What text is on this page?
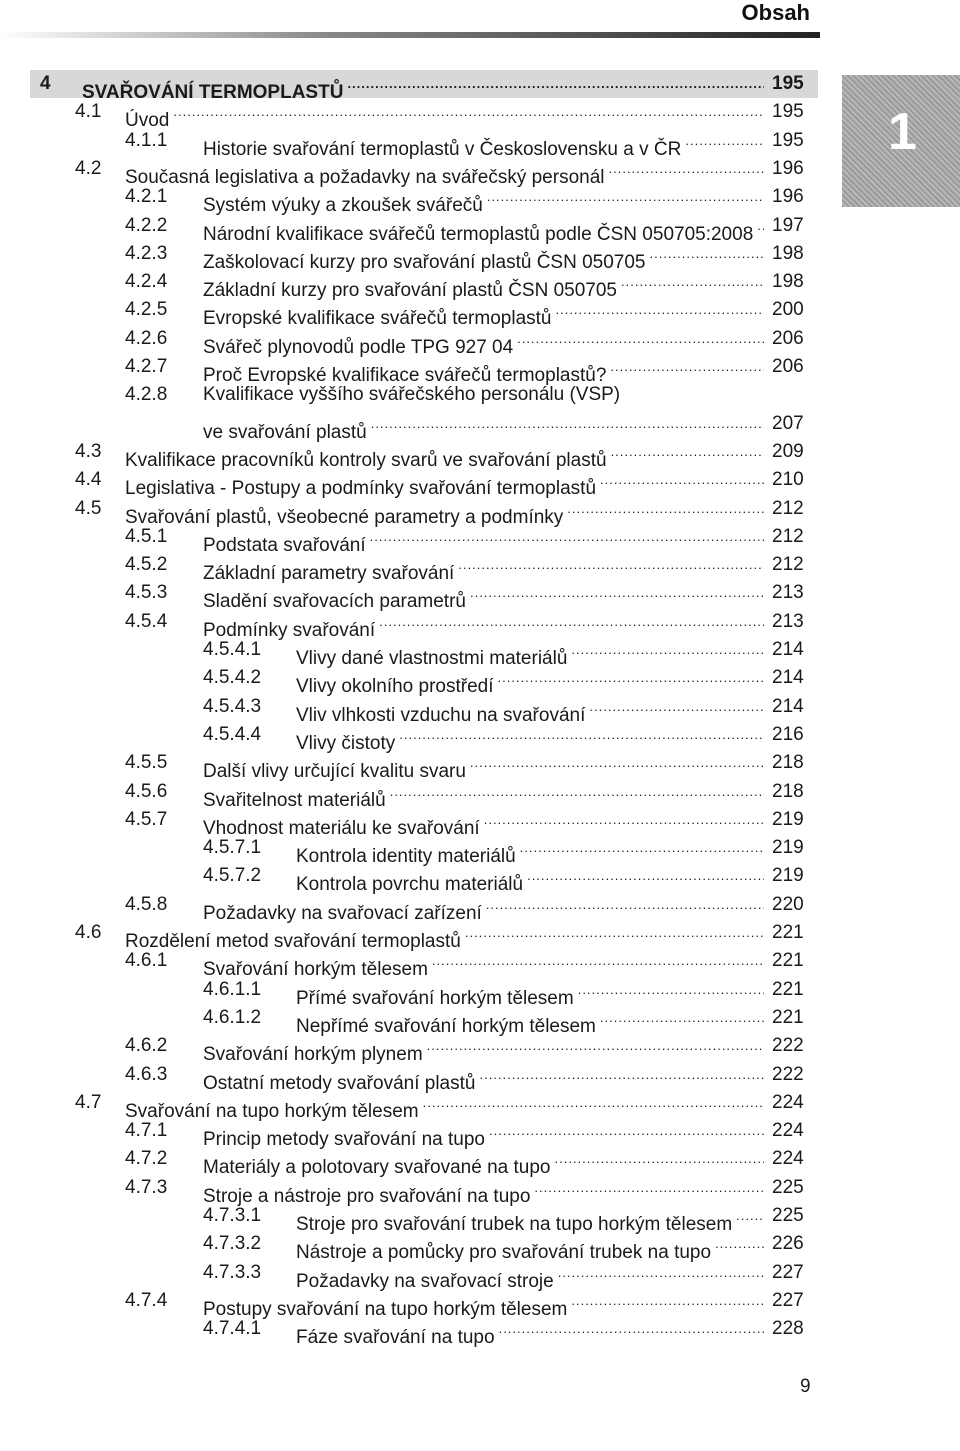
Obsah
1
4 SVAŘOVÁNÍ TERMOPLASTŮ .....	195
4.1 Úvod .....	195
4.1.1 Historie svařování termoplastů v Československu a v ČR .....	195
4.2 Současná legislativa a požadavky na svářečský personál .....	196
4.2.1 Systém výuky a zkoušek svářečů .....	196
4.2.2 Národní kvalifikace svářečů termoplastů podle ČSN 050705:2008 ..... 197
4.2.3 Zaškolovací kurzy pro svařování plastů ČSN 050705 .....	198
4.2.4 Základní kurzy pro svařování plastů ČSN 050705 .....	198
4.2.5 Evropské kvalifikace svářečů termoplastů .....	200
4.2.6 Svářeč plynovodů podle TPG 927 04 .....	206
4.2.7 Proč Evropské kvalifikace svářečů termoplastů? .....	206
4.2.8 Kvalifikace vyššího svářečského personálu (VSP)
ve svařování plastů .....	207
4.3 Kvalifikace pracovníků kontroly svarů ve svařování plastů .....	209
4.4 Legislativa - Postupy a podmínky svařování termoplastů .....	210
4.5 Svařování plastů, všeobecné parametry a podmínky .....	212
4.5.1 Podstata svařování .....	212
4.5.2 Základní parametry svařování .....	212
4.5.3 Sladění svařovacích parametrů .....	213
4.5.4 Podmínky svařování .....	213
4.5.4.1 Vlivy dané vlastnostmi materiálů .....	214
4.5.4.2 Vlivy okolního prostředí .....	214
4.5.4.3 Vliv vlhkosti vzduchu na svařování .....	214
4.5.4.4 Vlivy čistoty .....	216
4.5.5 Další vlivy určující kvalitu svaru .....	218
4.5.6 Svařitelnost materiálů .....	218
4.5.7 Vhodnost materiálu ke svařování .....	219
4.5.7.1 Kontrola identity materiálů .....	219
4.5.7.2 Kontrola povrchu materiálů .....	219
4.5.8 Požadavky na svařovací zařízení .....	220
4.6 Rozdělení metod svařování termoplastů .....	221
4.6.1 Svařování horkým tělesem .....	221
4.6.1.1 Přímé svařování horkým tělesem .....	221
4.6.1.2 Nepřímé svařování horkým tělesem .....	221
4.6.2 Svařování horkým plynem .....	222
4.6.3 Ostatní metody svařování plastů .....	222
4.7 Svařování na tupo horkým tělesem .....	224
4.7.1 Princip metody svařování na tupo .....	224
4.7.2 Materiály a polotovary svařované na tupo .....	224
4.7.3 Stroje a nástroje pro svařování na tupo .....	225
4.7.3.1 Stroje pro svařování trubek na tupo horkým tělesem ..... 225
4.7.3.2 Nástroje a pomůcky pro svařování trubek na tupo .....	226
4.7.3.3 Požadavky na svařovací stroje .....	227
4.7.4 Postupy svařování na tupo horkým tělesem .....	227
4.7.4.1 Fáze svařování na tupo .....	228
9
